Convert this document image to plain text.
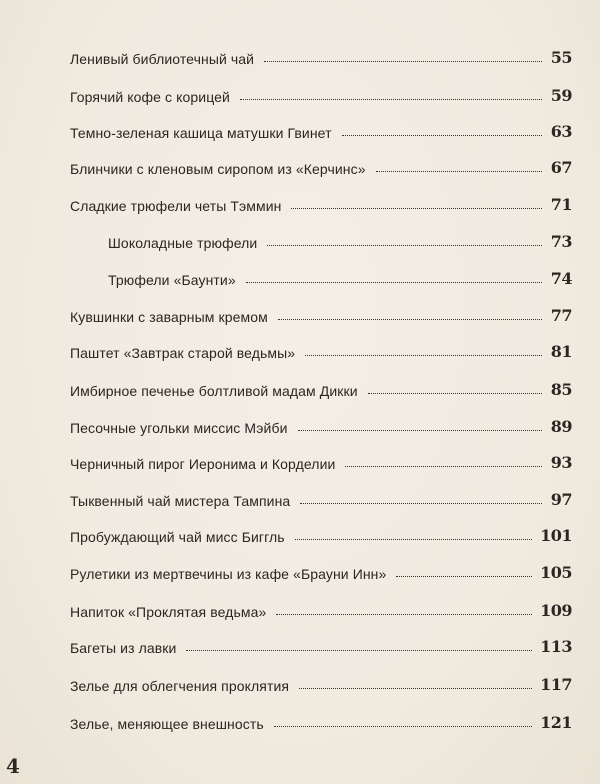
Ленивый библиотечный чай	55
Горячий кофе с корицей	59
Темно-зеленая кашица матушки Гвинет	63
Блинчики с кленовым сиропом из «Керчинс»	67
Сладкие трюфели четы Тэммин	71
Шоколадные трюфели	73
Трюфели «Баунти»	74
Кувшинки с заварным кремом	77
Паштет «Завтрак старой ведьмы»	81
Имбирное печенье болтливой мадам Дикки	85
Песочные угольки миссис Мэйби	89
Черничный пирог Иеронима и Корделии	93
Тыквенный чай мистера Тампина	97
Пробуждающий чай мисс Биггль	101
Рулетики из мертвечины из кафе «Брауни Инн»	105
Напиток «Проклятая ведьма»	109
Багеты из лавки	113
Зелье для облегчения проклятия	117
Зелье, меняющее внешность	121
4
